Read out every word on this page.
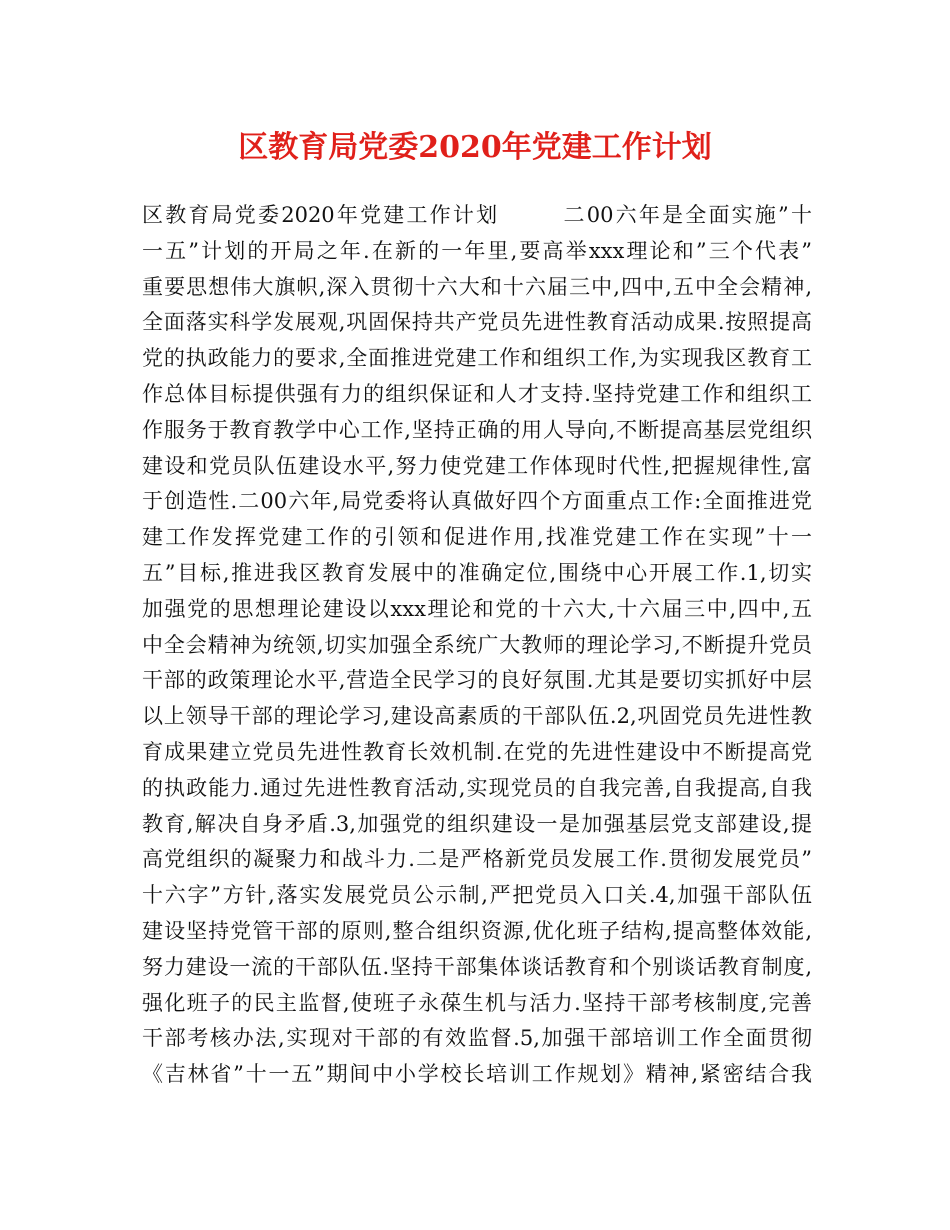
区教育局党委2020年党建工作计划
区教育局党委2020年党建工作计划	二00六年是全面实施”十
一五”计划的开局之年.在新的一年里,要高举xxx理论和”三个代表”
重要思想伟大旗帜,深入贯彻十六大和十六届三中,四中,五中全会精神,
全面落实科学发展观,巩固保持共产党员先进性教育活动成果.按照提高
党的执政能力的要求,全面推进党建工作和组织工作,为实现我区教育工
作总体目标提供强有力的组织保证和人才支持.坚持党建工作和组织工
作服务于教育教学中心工作,坚持正确的用人导向,不断提高基层党组织
建设和党员队伍建设水平,努力使党建工作体现时代性,把握规律性,富
于创造性.二00六年,局党委将认真做好四个方面重点工作:全面推进党
建工作发挥党建工作的引领和促进作用,找准党建工作在实现”十一
五”目标,推进我区教育发展中的准确定位,围绕中心开展工作.1,切实
加强党的思想理论建设以xxx理论和党的十六大,十六届三中,四中,五
中全会精神为统领,切实加强全系统广大教师的理论学习,不断提升党员
干部的政策理论水平,营造全民学习的良好氛围.尤其是要切实抓好中层
以上领导干部的理论学习,建设高素质的干部队伍.2,巩固党员先进性教
育成果建立党员先进性教育长效机制.在党的先进性建设中不断提高党
的执政能力.通过先进性教育活动,实现党员的自我完善,自我提高,自我
教育,解决自身矛盾.3,加强党的组织建设一是加强基层党支部建设,提
高党组织的凝聚力和战斗力.二是严格新党员发展工作.贯彻发展党员”
十六字”方针,落实发展党员公示制,严把党员入口关.4,加强干部队伍
建设坚持党管干部的原则,整合组织资源,优化班子结构,提高整体效能,
努力建设一流的干部队伍.坚持干部集体谈话教育和个别谈话教育制度,
强化班子的民主监督,使班子永葆生机与活力.坚持干部考核制度,完善
干部考核办法,实现对干部的有效监督.5,加强干部培训工作全面贯彻
《吉林省”十一五”期间中小学校长培训工作规划》精神,紧密结合我
